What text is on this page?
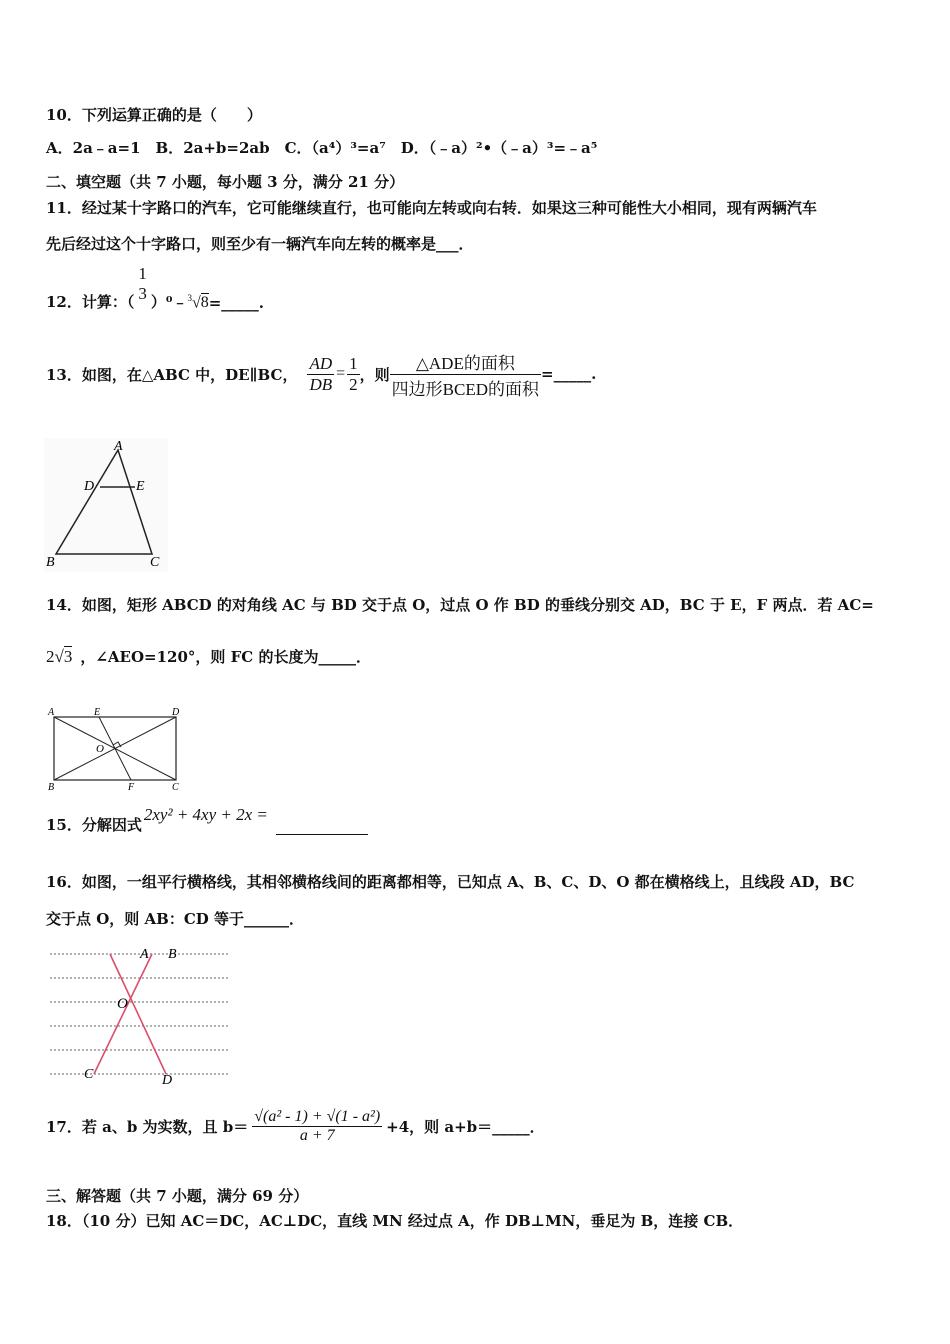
10．下列运算正确的是（　　）
A．2a﹣a=1　B．2a+b=2ab　C．（a⁴）³=a⁷　D．（﹣a）²•（﹣a）³=﹣a⁵
二、填空题（共 7 小题，每小题 3 分，满分 21 分）
11．经过某十字路口的汽车，它可能继续直行，也可能向左转或向右转．如果这三种可能性大小相同，现有两辆汽车
先后经过这个十字路口，则至少有一辆汽车向左转的概率是___．
12．计算：（
1
3 ）⁰﹣ $^3$√8 =_____.
13．如图，在△ABC 中，DE∥BC， $\frac{AD}{DB} = \frac{1}{2}$ ，则 $\frac{\text{△ADE的面积}}{\text{四边形BCED的面积}}$ =_____.
A
D	E
B	C
14．如图，矩形 ABCD 的对角线 AC 与 BD 交于点 O，过点 O 作 BD 的垂线分别交 AD，BC 于 E，F 两点．若 AC=
2√3 ，∠AEO=120°，则 FC 的长度为_____．
A	E	D
O
B	F	C
15．分解因式
2xy² + 4xy + 2x =
16．如图，一组平行横格线，其相邻横格线间的距离都相等，已知点 A、B、C、D、O 都在横格线上，且线段 AD，BC
交于点 O，则 AB：CD 等于______．
A B
O
C	D
17．若 a、b 为实数，且 $b= \frac{\text{√(a² - 1) + √(1 - a²)}}{a + 7} +4$，则 a+b＝_____．
三、解答题（共 7 小题，满分 69 分）
18．（10 分）已知 AC＝DC，AC⊥DC，直线 MN 经过点 A，作 DB⊥MN，垂足为 B，连接 CB．
